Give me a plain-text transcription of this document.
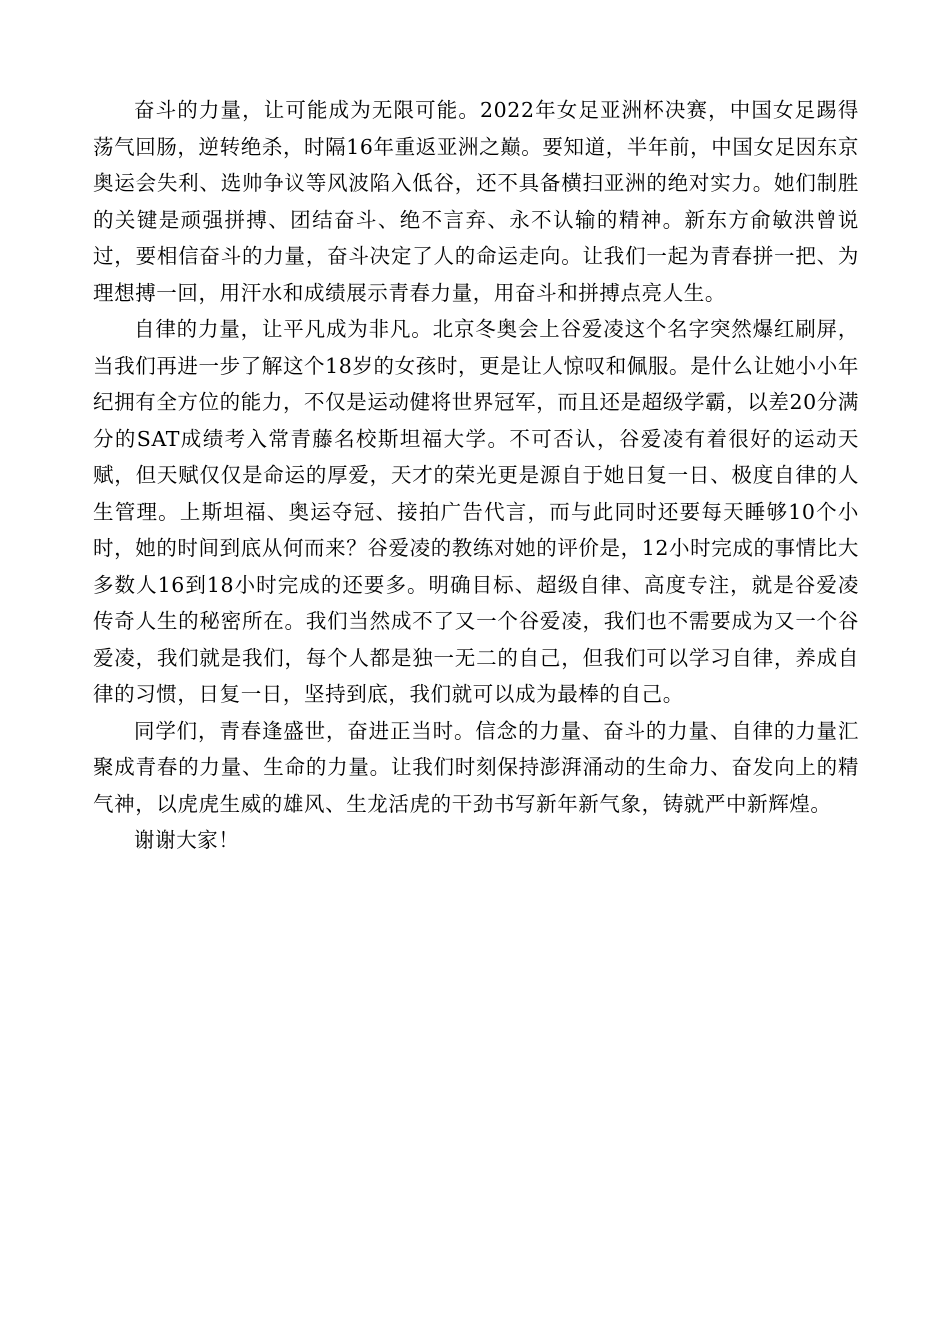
奋斗的力量，让可能成为无限可能。2022年女足亚洲杯决赛，中国女足踢得荡气回肠，逆转绝杀，时隔16年重返亚洲之巅。要知道，半年前，中国女足因东京奥运会失利、选帅争议等风波陷入低谷，还不具备横扫亚洲的绝对实力。她们制胜的关键是顽强拼搏、团结奋斗、绝不言弃、永不认输的精神。新东方俞敏洪曾说过，要相信奋斗的力量，奋斗决定了人的命运走向。让我们一起为青春拼一把、为理想搏一回，用汗水和成绩展示青春力量，用奋斗和拼搏点亮人生。

自律的力量，让平凡成为非凡。北京冬奥会上谷爱凌这个名字突然爆红刷屏，当我们再进一步了解这个18岁的女孩时，更是让人惊叹和佩服。是什么让她小小年纪拥有全方位的能力，不仅是运动健将世界冠军，而且还是超级学霸，以差20分满分的SAT成绩考入常青藤名校斯坦福大学。不可否认，谷爱凌有着很好的运动天赋，但天赋仅仅是命运的厚爱，天才的荣光更是源自于她日复一日、极度自律的人生管理。上斯坦福、奥运夺冠、接拍广告代言，而与此同时还要每天睡够10个小时，她的时间到底从何而来？谷爱凌的教练对她的评价是，12小时完成的事情比大多数人16到18小时完成的还要多。明确目标、超级自律、高度专注，就是谷爱凌传奇人生的秘密所在。我们当然成不了又一个谷爱凌，我们也不需要成为又一个谷爱凌，我们就是我们，每个人都是独一无二的自己，但我们可以学习自律，养成自律的习惯，日复一日，坚持到底，我们就可以成为最棒的自己。

同学们，青春逢盛世，奋进正当时。信念的力量、奋斗的力量、自律的力量汇聚成青春的力量、生命的力量。让我们时刻保持澎湃涌动的生命力、奋发向上的精气神，以虎虎生威的雄风、生龙活虎的干劲书写新年新气象，铸就严中新辉煌。

谢谢大家！
